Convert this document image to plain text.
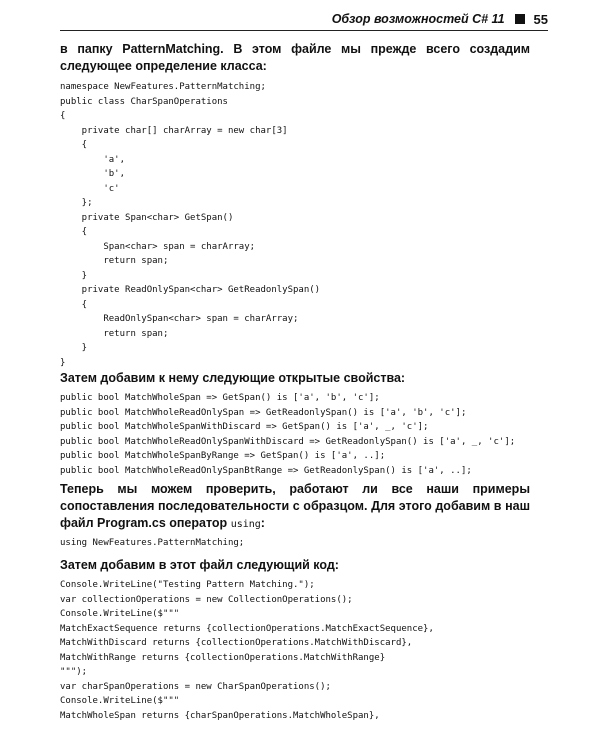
Обзор возможностей C# 11 55
в папку PatternMatching. В этом файле мы прежде всего создадим следующее определение класса:
namespace NewFeatures.PatternMatching;
public class CharSpanOperations
{
private char[] charArray = new char[3]
{
'a',
'b',
'c'
};
private Span<char> GetSpan()
{
Span<char> span = charArray;
return span;
}
private ReadOnlySpan<char> GetReadonlySpan()
{
ReadOnlySpan<char> span = charArray;
return span;
}
}
Затем добавим к нему следующие открытые свойства:
public bool MatchWholeSpan => GetSpan() is ['a', 'b', 'c'];
public bool MatchWholeReadOnlySpan => GetReadonlySpan() is ['a', 'b', 'c'];
public bool MatchWholeSpanWithDiscard => GetSpan() is ['a', _, 'c'];
public bool MatchWholeReadOnlySpanWithDiscard => GetReadonlySpan() is ['a', _, 'c'];
public bool MatchWholeSpanByRange => GetSpan() is ['a', ..];
public bool MatchWholeReadOnlySpanBtRange => GetReadonlySpan() is ['a', ..];
Теперь мы можем проверить, работают ли все наши примеры сопоставления последовательности с образцом. Для этого добавим в наш файл Program.cs оператор using:
using NewFeatures.PatternMatching;
Затем добавим в этот файл следующий код:
Console.WriteLine("Testing Pattern Matching.");
var collectionOperations = new CollectionOperations();
Console.WriteLine($"""
MatchExactSequence returns {collectionOperations.MatchExactSequence},
MatchWithDiscard returns {collectionOperations.MatchWithDiscard},
MatchWithRange returns {collectionOperations.MatchWithRange}
""");
var charSpanOperations = new CharSpanOperations();
Console.WriteLine($"""
MatchWholeSpan returns {charSpanOperations.MatchWholeSpan},
